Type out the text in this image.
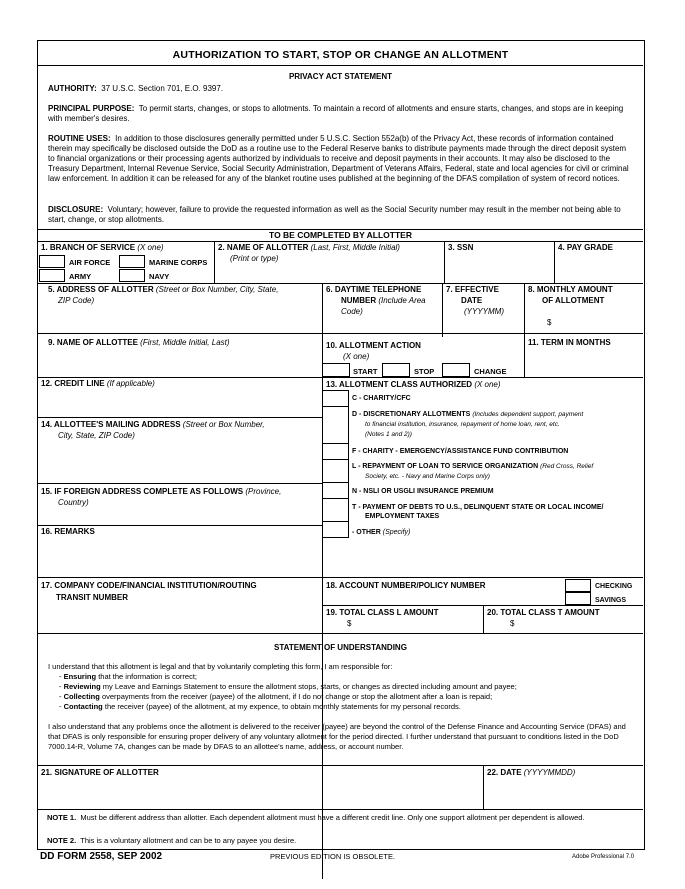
AUTHORIZATION TO START, STOP OR CHANGE AN ALLOTMENT
PRIVACY ACT STATEMENT
AUTHORITY: 37 U.S.C. Section 701, E.O. 9397.
PRINCIPAL PURPOSE: To permit starts, changes, or stops to allotments. To maintain a record of allotments and ensure starts, changes, and stops are in keeping with member's desires.
ROUTINE USES: In addition to those disclosures generally permitted under 5 U.S.C. Section 552a(b) of the Privacy Act, these records of information contained therein may specifically be disclosed outside the DoD as a routine use to the Federal Reserve banks to distribute payments made through the direct deposit system to financial organizations or their processing agents authorized by individuals to receive and deposit payments in their accounts. It may also be disclosed to the Treasury Department, Internal Revenue Service, Social Security Administration, Department of Veterans Affairs, Federal, state and local agencies for civil or criminal law enforcement. In addition it can be released for any of the blanket routine uses published at the beginning of the DFAS compilation of system of record notices.
DISCLOSURE: Voluntary; however, failure to provide the requested information as well as the Social Security number may result in the member not being able to start, change, or stop allotments.
TO BE COMPLETED BY ALLOTTER
1. BRANCH OF SERVICE (X one)
AIR FORCE	MARINE CORPS
ARMY	NAVY
2. NAME OF ALLOTTER (Last, First, Middle Initial)
(Print or type)
3. SSN	4. PAY GRADE
5. ADDRESS OF ALLOTTER (Street or Box Number, City, State,
ZIP Code)
6. DAYTIME TELEPHONE
NUMBER (Include Area
Code)
7. EFFECTIVE
DATE
(YYYYMM)
8. MONTHLY AMOUNT
OF ALLOTMENT
$
9. NAME OF ALLOTTEE (First, Middle Initial, Last)	10. ALLOTMENT ACTION
(X one)
START	STOP	CHANGE
11. TERM IN MONTHS
12. CREDIT LINE (If applicable)
14. ALLOTTEE'S MAILING ADDRESS (Street or Box Number,
City, State, ZIP Code)
15. IF FOREIGN ADDRESS COMPLETE AS FOLLOWS (Province,
Country)
16. REMARKS
13. ALLOTMENT CLASS AUTHORIZED (X one)
C - CHARITY/CFC
D - DISCRETIONARY ALLOTMENTS (Includes dependent support, payment
to financial institution, insurance, repayment of home loan, rent, etc.
(Notes 1 and 2))
F - CHARITY - EMERGENCY/ASSISTANCE FUND CONTRIBUTION
L - REPAYMENT OF LOAN TO SERVICE ORGANIZATION (Red Cross, Relief
Society, etc. - Navy and Marine Corps only)
N - NSLI OR USGLI INSURANCE PREMIUM
T - PAYMENT OF DEBTS TO U.S., DELINQUENT STATE OR LOCAL INCOME/
EMPLOYMENT TAXES
- OTHER (Specify)
17. COMPANY CODE/FINANCIAL INSTITUTION/ROUTING
TRANSIT NUMBER
18. ACCOUNT NUMBER/POLICY NUMBER	CHECKING
SAVINGS
19. TOTAL CLASS L AMOUNT
$
20. TOTAL CLASS T AMOUNT
$
STATEMENT OF UNDERSTANDING
I understand that this allotment is legal and that by voluntarily completing this form, I am responsible for:
- Ensuring that the information is correct;
- Reviewing my Leave and Earnings Statement to ensure the allotment stops, starts, or changes as directed including amount and payee;
- Collecting overpayments from the receiver (payee) of the allotment, if I do not change or stop the allotment after a loan is repaid;
- Contacting the receiver (payee) of the allotment, at my expence, to obtain monthly statements for my personal records.
I also understand that any problems once the allotment is delivered to the receiver (payee) are beyond the control of the Defense Finance and Accounting Service (DFAS) and that DFAS is only responsible for ensuring proper delivery of any voluntary allotment for the period directed. I further understand that pursuant to conditions listed in the DoD 7000.14-R, Volume 7A, changes can be made by DFAS to an allottee's name, address, or account number.
21. SIGNATURE OF ALLOTTER	22. DATE (YYYYMMDD)
NOTE 1. Must be different address than allotter. Each dependent allotment must have a different credit line. Only one support allotment per dependent is allowed.
NOTE 2. This is a voluntary allotment and can be to any payee you desire.
DD FORM 2558, SEP 2002	PREVIOUS EDITION IS OBSOLETE.	Adobe Professional 7.0
